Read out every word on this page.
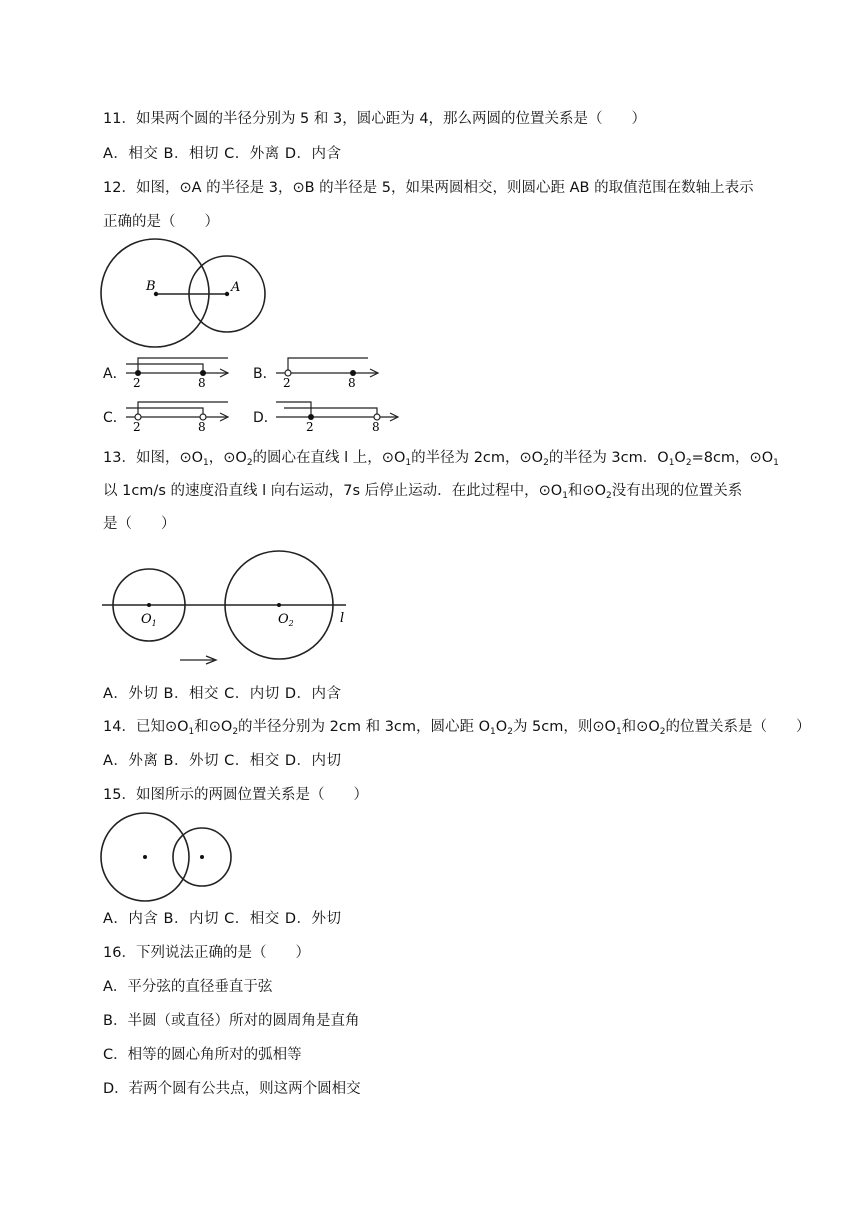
11．如果两个圆的半径分别为 5 和 3，圆心距为 4，那么两圆的位置关系是（　　）
A．相交 B．相切 C．外离 D．内含
12．如图，⊙A 的半径是 3，⊙B 的半径是 5，如果两圆相交，则圆心距 AB 的取值范围在数轴上表示
正确的是（　　）
B	A
A．
2	8
B．
2	8
C．
2	8
D．
2	8
13．如图，$⊙O_1$，$⊙O_2$的圆心在直线 l 上，$⊙O_1$的半径为 2cm，$⊙O_2$的半径为 3cm．$O_1O_2=8cm$，$⊙O_1$
以 1cm/s 的速度沿直线 l 向右运动，7s 后停止运动．在此过程中，$⊙O_1$和$⊙O_2$没有出现的位置关系
是（　　）
$O_1$	$O_2$	l
A．外切 B．相交 C．内切 D．内含
14．已知$⊙O_1$和$⊙O_2$的半径分别为 2cm 和 3cm，圆心距 $O_1O_2$为 5cm，则$⊙O_1$和$⊙O_2$的位置关系是（　　）
A．外离 B．外切 C．相交 D．内切
15．如图所示的两圆位置关系是（　　）
A．内含 B．内切 C．相交 D．外切
16．下列说法正确的是（　　）
A．平分弦的直径垂直于弦
B．半圆（或直径）所对的圆周角是直角
C．相等的圆心角所对的弧相等
D．若两个圆有公共点，则这两个圆相交
